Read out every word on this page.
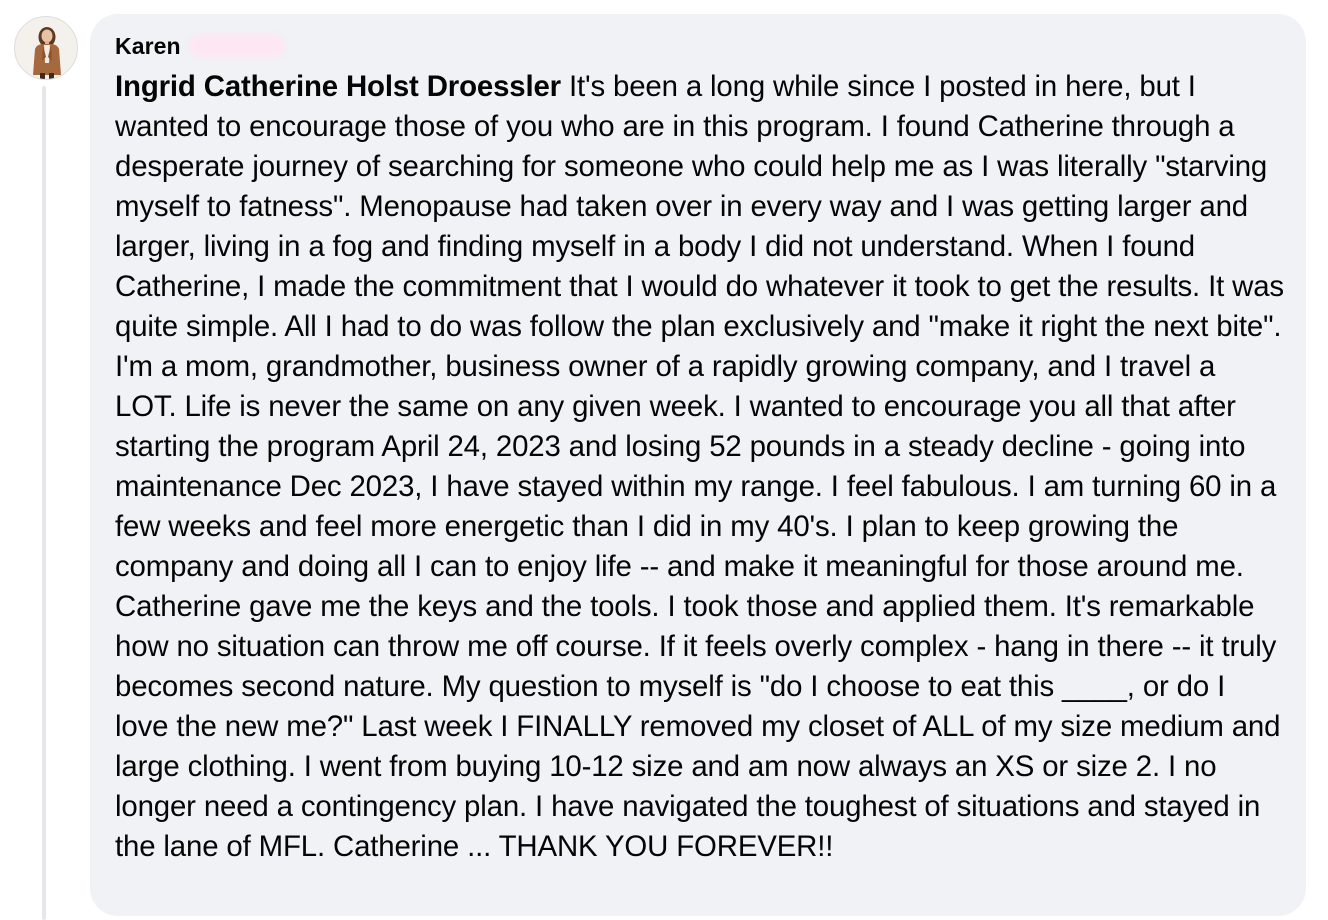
Karen

Ingrid Catherine Holst Droessler It's been a long while since I posted in here, but I wanted to encourage those of you who are in this program. I found Catherine through a desperate journey of searching for someone who could help me as I was literally "starving myself to fatness". Menopause had taken over in every way and I was getting larger and larger, living in a fog and finding myself in a body I did not understand. When I found Catherine, I made the commitment that I would do whatever it took to get the results. It was quite simple. All I had to do was follow the plan exclusively and "make it right the next bite". I'm a mom, grandmother, business owner of a rapidly growing company, and I travel a LOT. Life is never the same on any given week. I wanted to encourage you all that after starting the program April 24, 2023 and losing 52 pounds in a steady decline - going into maintenance Dec 2023, I have stayed within my range. I feel fabulous. I am turning 60 in a few weeks and feel more energetic than I did in my 40's. I plan to keep growing the company and doing all I can to enjoy life -- and make it meaningful for those around me. Catherine gave me the keys and the tools. I took those and applied them. It's remarkable how no situation can throw me off course. If it feels overly complex - hang in there -- it truly becomes second nature. My question to myself is "do I choose to eat this ____, or do I love the new me?" Last week I FINALLY removed my closet of ALL of my size medium and large clothing. I went from buying 10-12 size and am now always an XS or size 2. I no longer need a contingency plan. I have navigated the toughest of situations and stayed in the lane of MFL. Catherine ... THANK YOU FOREVER!!
